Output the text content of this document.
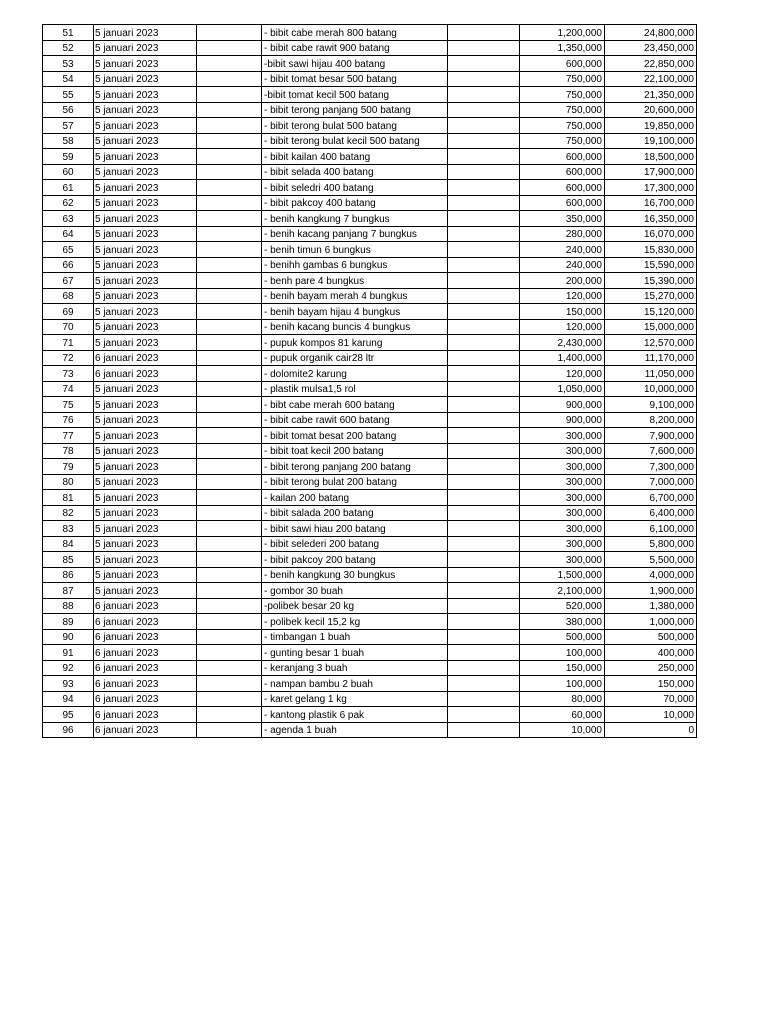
51	5 januari 2023		- bibit cabe merah 800 batang		1,200,000	24,800,000
52	5 januari 2023		- bibit cabe rawit 900 batang		1,350,000	23,450,000
53	5 januari 2023		-bibit sawi hijau 400 batang		600,000	22,850,000
54	5 januari 2023		- bibit tomat besar 500 batang		750,000	22,100,000
55	5 januari 2023		-bibit tomat kecil 500 batang		750,000	21,350,000
56	5 januari 2023		- bibit terong panjang 500 batang		750,000	20,600,000
57	5 januari 2023		- bibit terong bulat 500 batang		750,000	19,850,000
58	5 januari 2023		- bibit terong bulat kecil 500 batang		750,000	19,100,000
59	5 januari 2023		- bibit kailan 400 batang		600,000	18,500,000
60	5 januari 2023		- bibit selada 400 batang		600,000	17,900,000
61	5 januari 2023		- bibit seledri 400 batang		600,000	17,300,000
62	5 januari 2023		- bibit pakcoy 400 batang		600,000	16,700,000
63	5 januari 2023		- benih kangkung 7 bungkus		350,000	16,350,000
64	5 januari 2023		- benih kacang panjang 7 bungkus		280,000	16,070,000
65	5 januari 2023		- benih timun 6 bungkus		240,000	15,830,000
66	5 januari 2023		- benihh gambas 6 bungkus		240,000	15,590,000
67	5 januari 2023		- benh pare 4 bungkus		200,000	15,390,000
68	5 januari 2023		- benih bayam merah 4 bungkus		120,000	15,270,000
69	5 januari 2023		- benih bayam hijau 4 bungkus		150,000	15,120,000
70	5 januari 2023		- benih kacang buncis 4 bungkus		120,000	15,000,000
71	5 januari 2023		- pupuk kompos 81 karung		2,430,000	12,570,000
72	6 januari 2023		- pupuk organik cair28 ltr		1,400,000	11,170,000
73	6 januari 2023		- dolomite2 karung		120,000	11,050,000
74	5 januari 2023		- plastik mulsa1,5 rol		1,050,000	10,000,000
75	5 januari 2023		- bibt cabe merah 600 batang		900,000	9,100,000
76	5 januari 2023		- bibit cabe rawit 600 batang		900,000	8,200,000
77	5 januari 2023		- bibit tomat besat 200 batang		300,000	7,900,000
78	5 januari 2023		- bibit toat kecil 200 batang		300,000	7,600,000
79	5 januari 2023		- bibit terong panjang 200 batang		300,000	7,300,000
80	5 januari 2023		- bibit terong bulat 200 batang		300,000	7,000,000
81	5 januari 2023		- kailan 200 batang		300,000	6,700,000
82	5 januari 2023		- bibit salada 200 batang		300,000	6,400,000
83	5 januari 2023		- bibit sawi hiau 200 batang		300,000	6,100,000
84	5 januari 2023		- bibit selederi 200 batang		300,000	5,800,000
85	5 januari 2023		- bibit pakcoy 200 batang		300,000	5,500,000
86	5 januari 2023		- benih kangkung 30 bungkus		1,500,000	4,000,000
87	5 januari 2023		- gombor 30 buah		2,100,000	1,900,000
88	6 januari 2023		-polibek besar 20 kg		520,000	1,380,000
89	6 januari 2023		- polibek kecil 15,2 kg		380,000	1,000,000
90	6 januari 2023		- timbangan 1 buah		500,000	500,000
91	6 januari 2023		- gunting besar 1 buah		100,000	400,000
92	6 januari 2023		- keranjang 3 buah		150,000	250,000
93	6 januari 2023		- nampan bambu 2 buah		100,000	150,000
94	6 januari 2023		- karet gelang 1 kg		80,000	70,000
95	6 januari 2023		- kantong plastik 6 pak		60,000	10,000
96	6 januari 2023		- agenda 1 buah		10,000	0
